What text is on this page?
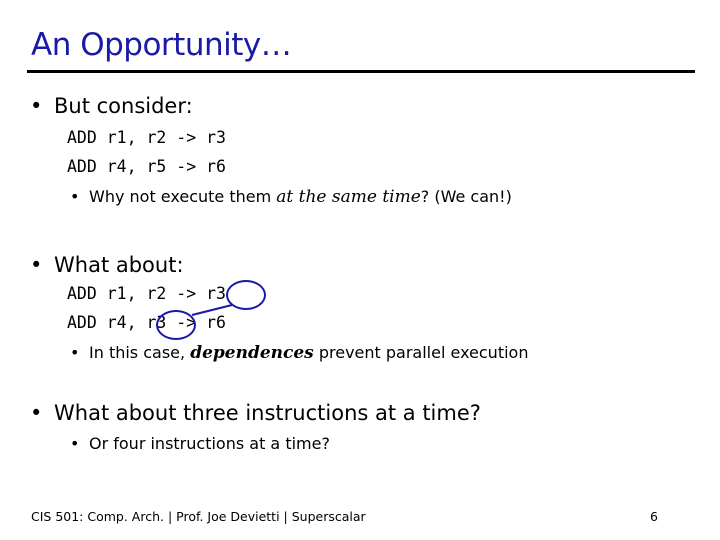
An Opportunity…
• But consider:
ADD r1, r2 -> r3
ADD r4, r5 -> r6
• Why not execute them at the same time? (We can!)
• What about:
ADD r1, r2 -> r3
ADD r4, r3 -> r6
• In this case, dependences prevent parallel execution
• What about three instructions at a time?
• Or four instructions at a time?
CIS 501: Comp. Arch. | Prof. Joe Devietti | Superscalar	6
